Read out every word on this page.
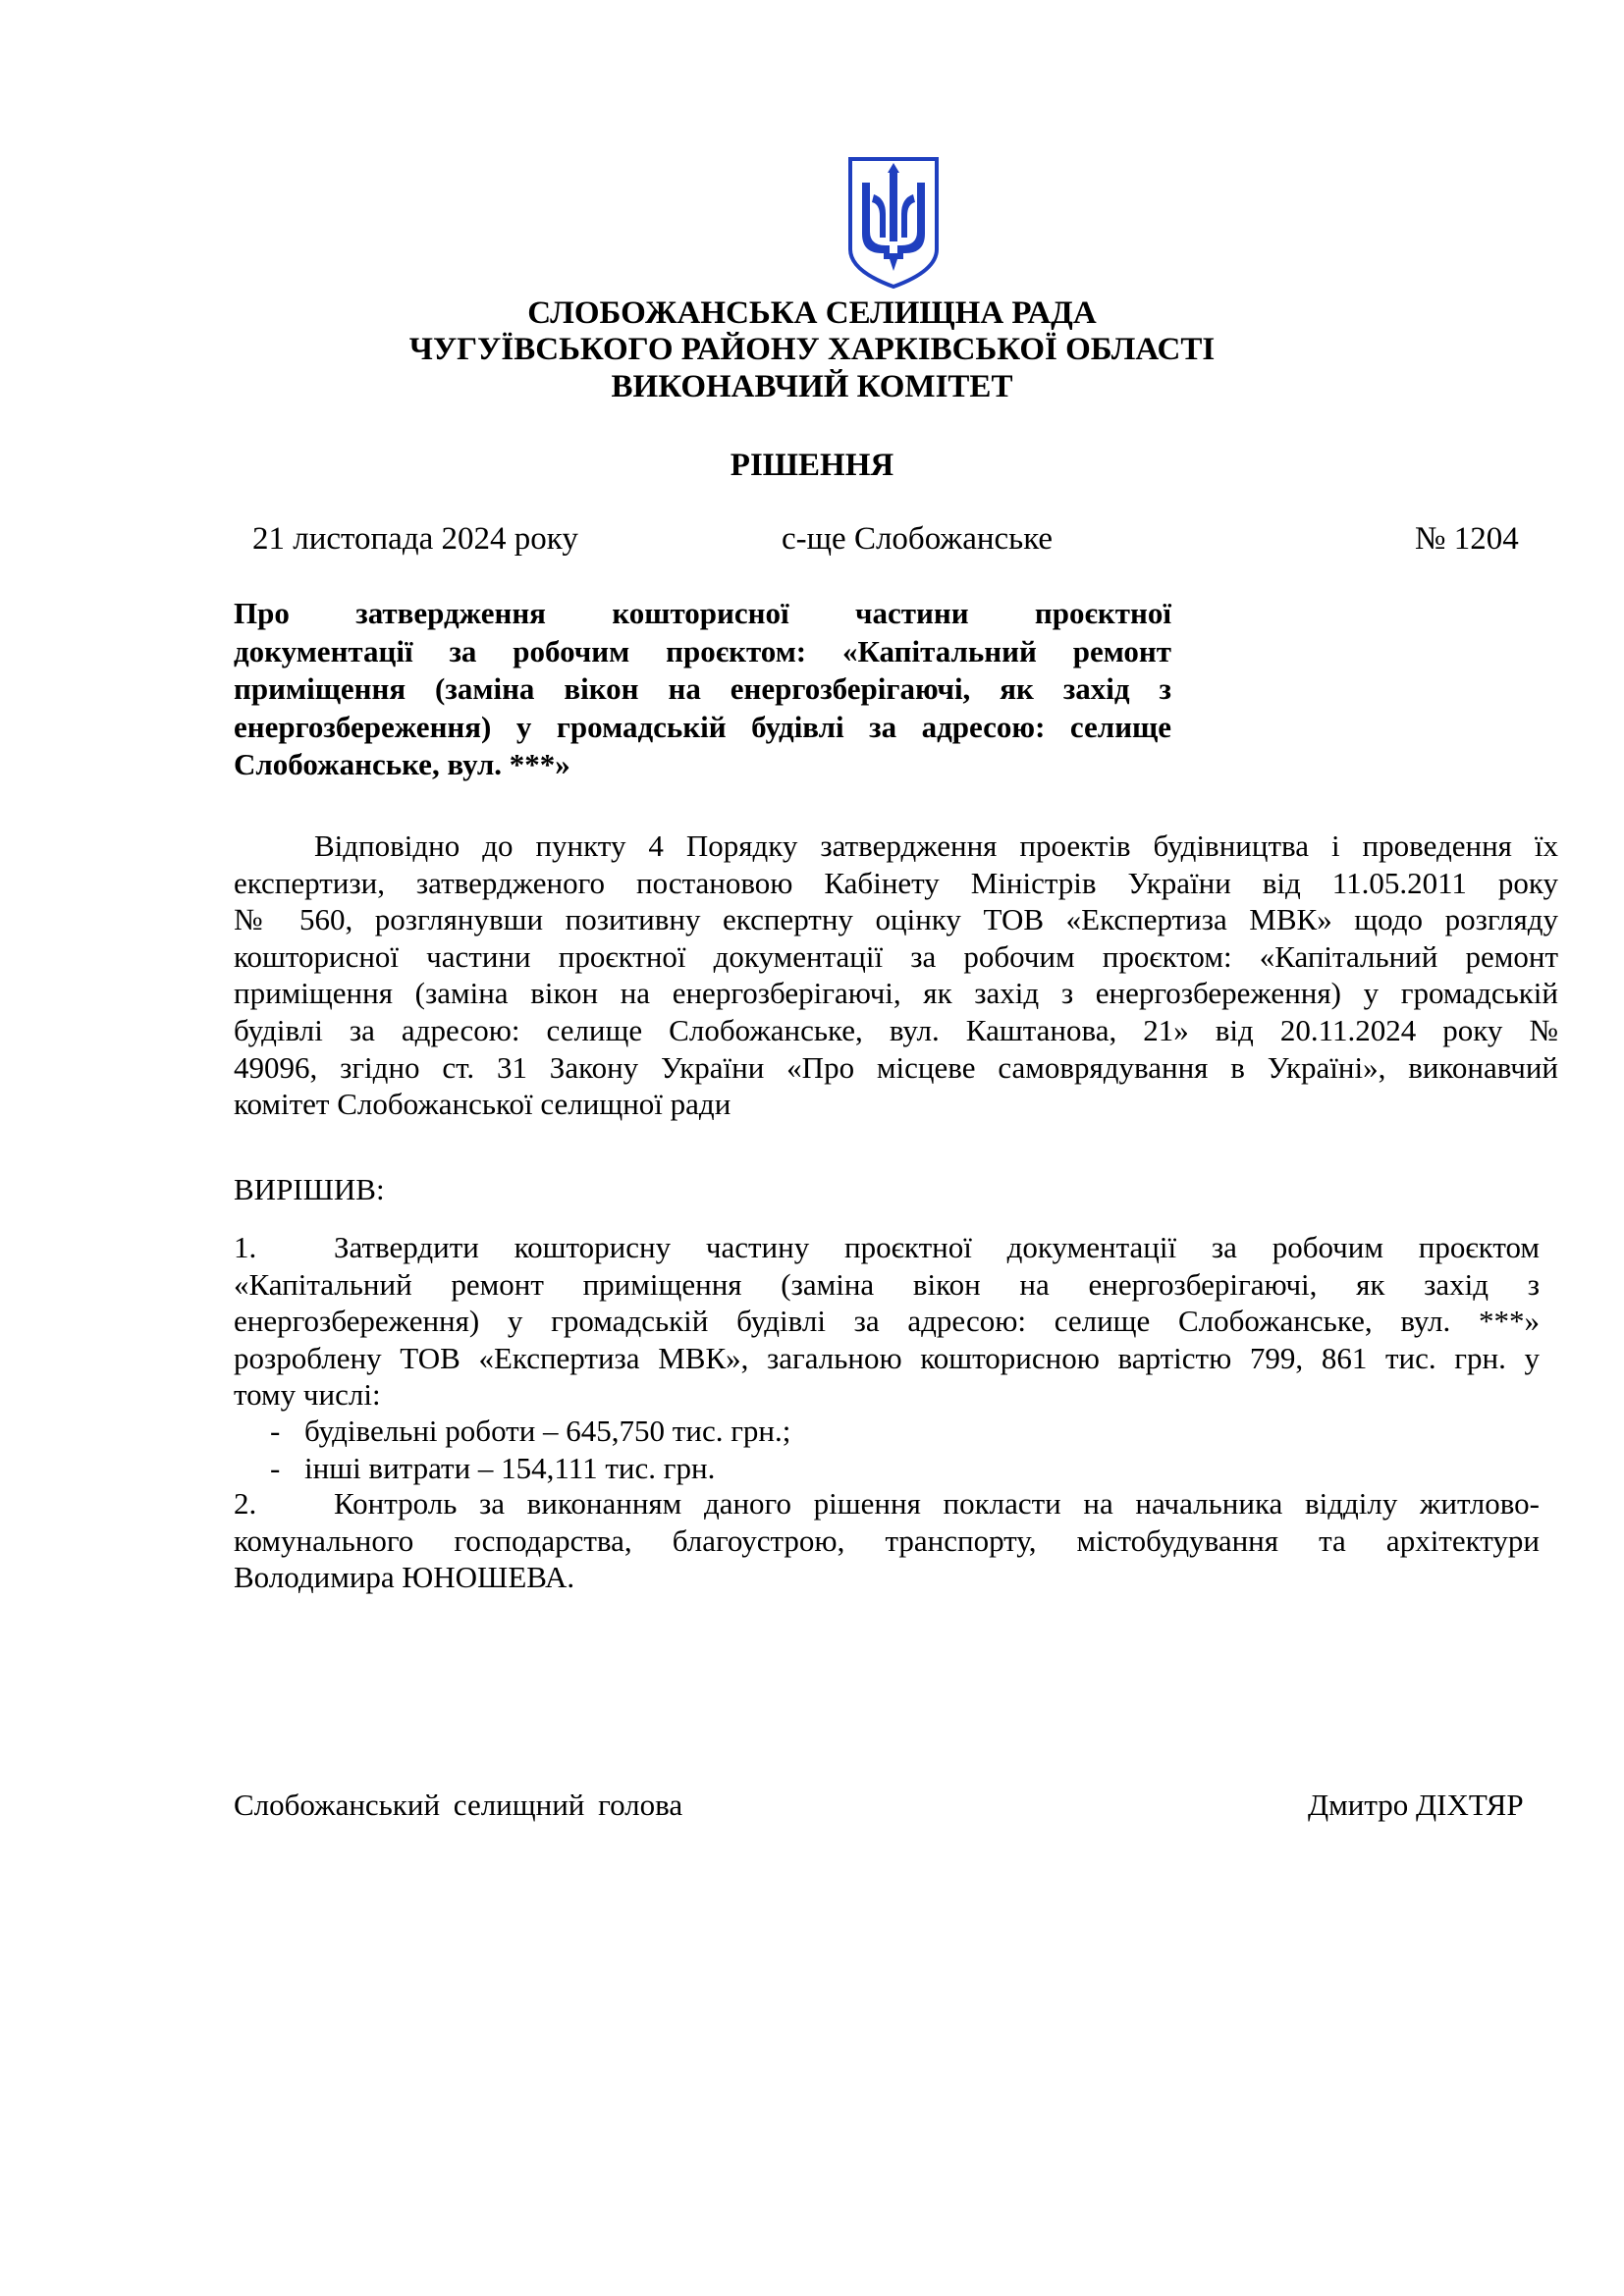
СЛОБОЖАНСЬКА СЕЛИЩНА РАДА
ЧУГУЇВСЬКОГО РАЙОНУ ХАРКІВСЬКОЇ ОБЛАСТІ
ВИКОНАВЧИЙ КОМІТЕТ
РІШЕННЯ
21 листопада 2024 року	с-ще Слобожанське	№ 1204
Про затвердження кошторисної частини проєктної
документації за робочим проєктом: «Капітальний ремонт
приміщення (заміна вікон на енергозберігаючі, як захід з
енергозбереження) у громадській будівлі за адресою: селище
Слобожанське, вул. ***»
Відповідно до пункту 4 Порядку затвердження проектів будівництва і проведення їх
експертизи, затвердженого постановою Кабінету Міністрів України від 11.05.2011 року
№ 560, розглянувши позитивну експертну оцінку ТОВ «Експертиза МВК» щодо розгляду
кошторисної частини проєктної документації за робочим проєктом: «Капітальний ремонт
приміщення (заміна вікон на енергозберігаючі, як захід з енергозбереження) у громадській
будівлі за адресою: селище Слобожанське, вул. Каштанова, 21» від 20.11.2024 року №
49096, згідно ст. 31 Закону України «Про місцеве самоврядування в Україні», виконавчий
комітет Слобожанської селищної ради
ВИРІШИВ:
1.	Затвердити кошторисну частину проєктної документації за робочим проєктом
«Капітальний ремонт приміщення (заміна вікон на енергозберігаючі, як захід з
енергозбереження) у громадській будівлі за адресою: селище Слобожанське, вул. ***»
розроблену ТОВ «Експертиза МВК», загальною кошторисною вартістю 799, 861 тис. грн. у
тому числі:
- будівельні роботи – 645,750 тис. грн.;
- інші витрати – 154,111 тис. грн.
2.	Контроль за виконанням даного рішення покласти на начальника відділу житлово-
комунального господарства, благоустрою, транспорту, містобудування та архітектури
Володимира ЮНОШЕВА.
Слобожанський селищний голова	Дмитро ДІХТЯР
